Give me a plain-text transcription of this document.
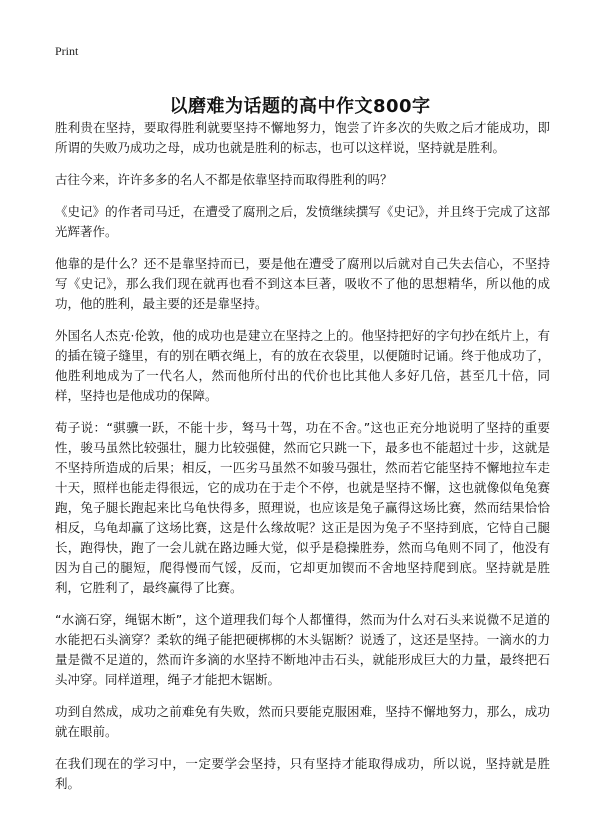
Print
以磨难为话题的高中作文800字

胜利贵在坚持，要取得胜利就要坚持不懈地努力，饱尝了许多次的失败之后才能成功，即所谓的失败乃成功之母，成功也就是胜利的标志，也可以这样说，坚持就是胜利。

古往今来，许许多多的名人不都是依靠坚持而取得胜利的吗？

《史记》的作者司马迁，在遭受了腐刑之后，发愤继续撰写《史记》，并且终于完成了这部光辉著作。

他靠的是什么？还不是靠坚持而已，要是他在遭受了腐刑以后就对自己失去信心，不坚持写《史记》，那么我们现在就再也看不到这本巨著，吸收不了他的思想精华，所以他的成功，他的胜利，最主要的还是靠坚持。

外国名人杰克·伦敦，他的成功也是建立在坚持之上的。他坚持把好的字句抄在纸片上，有的插在镜子缝里，有的别在晒衣绳上，有的放在衣袋里，以便随时记诵。终于他成功了，他胜利地成为了一代名人，然而他所付出的代价也比其他人多好几倍，甚至几十倍，同样，坚持也是他成功的保障。

荀子说：“骐骥一跃，不能十步，驽马十驾，功在不舍。”这也正充分地说明了坚持的重要性，骏马虽然比较强壮，腿力比较强健，然而它只跳一下，最多也不能超过十步，这就是不坚持所造成的后果；相反，一匹劣马虽然不如骏马强壮，然而若它能坚持不懈地拉车走十天，照样也能走得很远，它的成功在于走个不停，也就是坚持不懈，这也就像似龟兔赛跑，兔子腿长跑起来比乌龟快得多，照理说，也应该是兔子赢得这场比赛，然而结果恰恰相反，乌龟却赢了这场比赛，这是什么缘故呢？这正是因为兔子不坚持到底，它恃自己腿长，跑得快，跑了一会儿就在路边睡大觉，似乎是稳操胜券，然而乌龟则不同了，他没有因为自己的腿短，爬得慢而气馁，反而，它却更加锲而不舍地坚持爬到底。坚持就是胜利，它胜利了，最终赢得了比赛。

“水滴石穿，绳锯木断”，这个道理我们每个人都懂得，然而为什么对石头来说微不足道的水能把石头滴穿？柔软的绳子能把硬梆梆的木头锯断？说透了，这还是坚持。一滴水的力量是微不足道的，然而许多滴的水坚持不断地冲击石头，就能形成巨大的力量，最终把石头冲穿。同样道理，绳子才能把木锯断。

功到自然成，成功之前难免有失败，然而只要能克服困难，坚持不懈地努力，那么，成功就在眼前。

在我们现在的学习中，一定要学会坚持，只有坚持才能取得成功，所以说，坚持就是胜利。
